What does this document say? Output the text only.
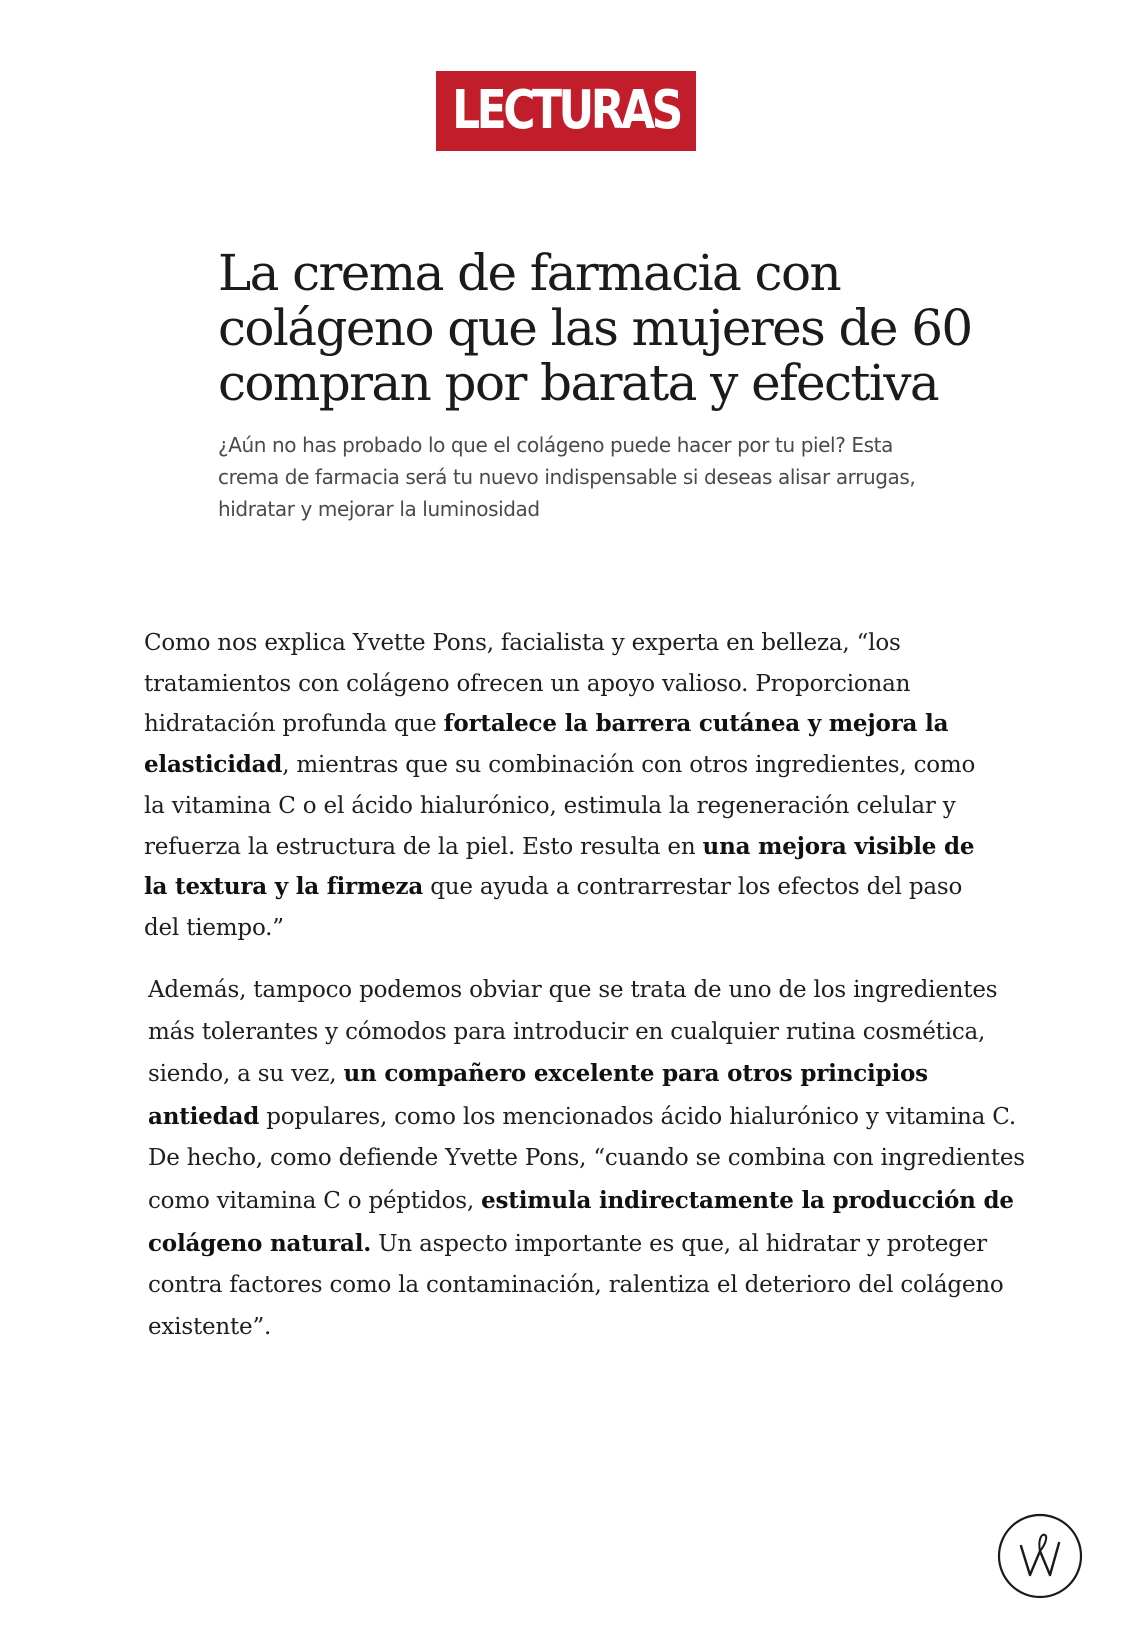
LECTURAS
La crema de farmacia con colágeno que las mujeres de 60 compran por barata y efectiva

¿Aún no has probado lo que el colágeno puede hacer por tu piel? Esta crema de farmacia será tu nuevo indispensable si deseas alisar arrugas, hidratar y mejorar la luminosidad

Como nos explica Yvette Pons, facialista y experta en belleza, “los tratamientos con colágeno ofrecen un apoyo valioso. Proporcionan hidratación profunda que fortalece la barrera cutánea y mejora la elasticidad, mientras que su combinación con otros ingredientes, como la vitamina C o el ácido hialurónico, estimula la regeneración celular y refuerza la estructura de la piel. Esto resulta en una mejora visible de la textura y la firmeza que ayuda a contrarrestar los efectos del paso del tiempo.”

Además, tampoco podemos obviar que se trata de uno de los ingredientes más tolerantes y cómodos para introducir en cualquier rutina cosmética, siendo, a su vez, un compañero excelente para otros principios antiedad populares, como los mencionados ácido hialurónico y vitamina C. De hecho, como defiende Yvette Pons, “cuando se combina con ingredientes como vitamina C o péptidos, estimula indirectamente la producción de colágeno natural. Un aspecto importante es que, al hidratar y proteger contra factores como la contaminación, ralentiza el deterioro del colágeno existente”.
